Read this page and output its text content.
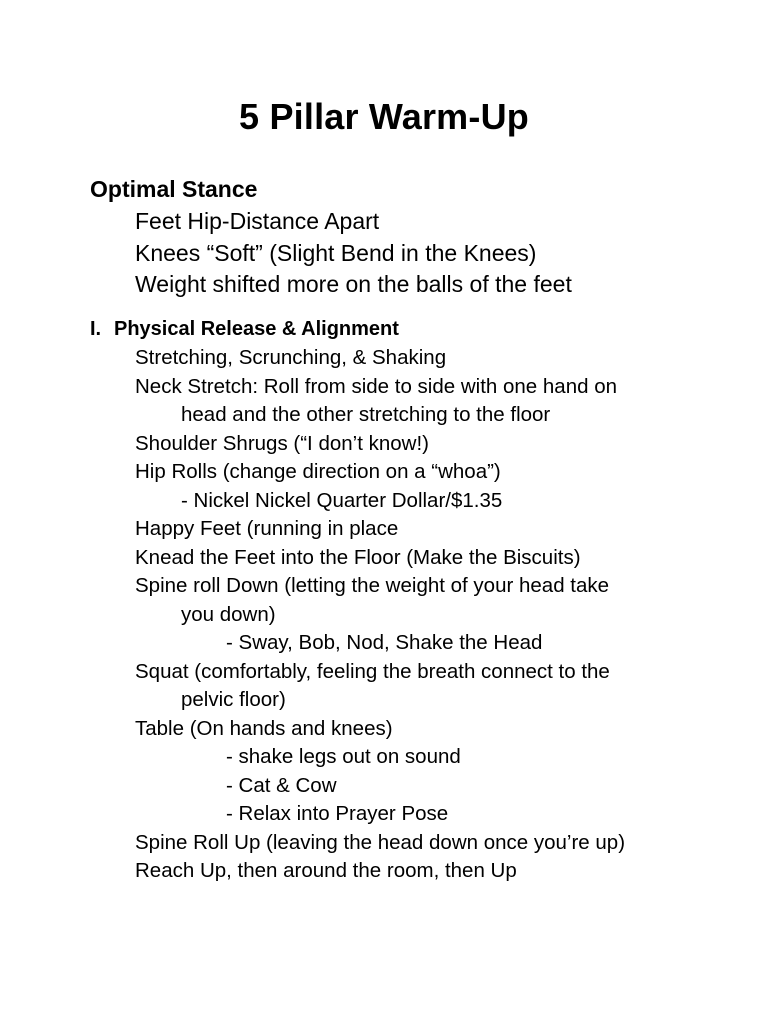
5 Pillar Warm-Up
Optimal Stance
Feet Hip-Distance Apart
Knees “Soft” (Slight Bend in the Knees)
Weight shifted more on the balls of the feet
I. Physical Release & Alignment
Stretching, Scrunching, & Shaking
Neck Stretch: Roll from side to side with one hand on
head and the other stretching to the floor
Shoulder Shrugs (“I don’t know!)
Hip Rolls (change direction on a “whoa”)
- Nickel Nickel Quarter Dollar/$1.35
Happy Feet (running in place
Knead the Feet into the Floor (Make the Biscuits)
Spine roll Down (letting the weight of your head take
you down)
- Sway, Bob, Nod, Shake the Head
Squat (comfortably, feeling the breath connect to the
pelvic floor)
Table (On hands and knees)
- shake legs out on sound
- Cat & Cow
- Relax into Prayer Pose
Spine Roll Up (leaving the head down once you’re up)
Reach Up, then around the room, then Up
